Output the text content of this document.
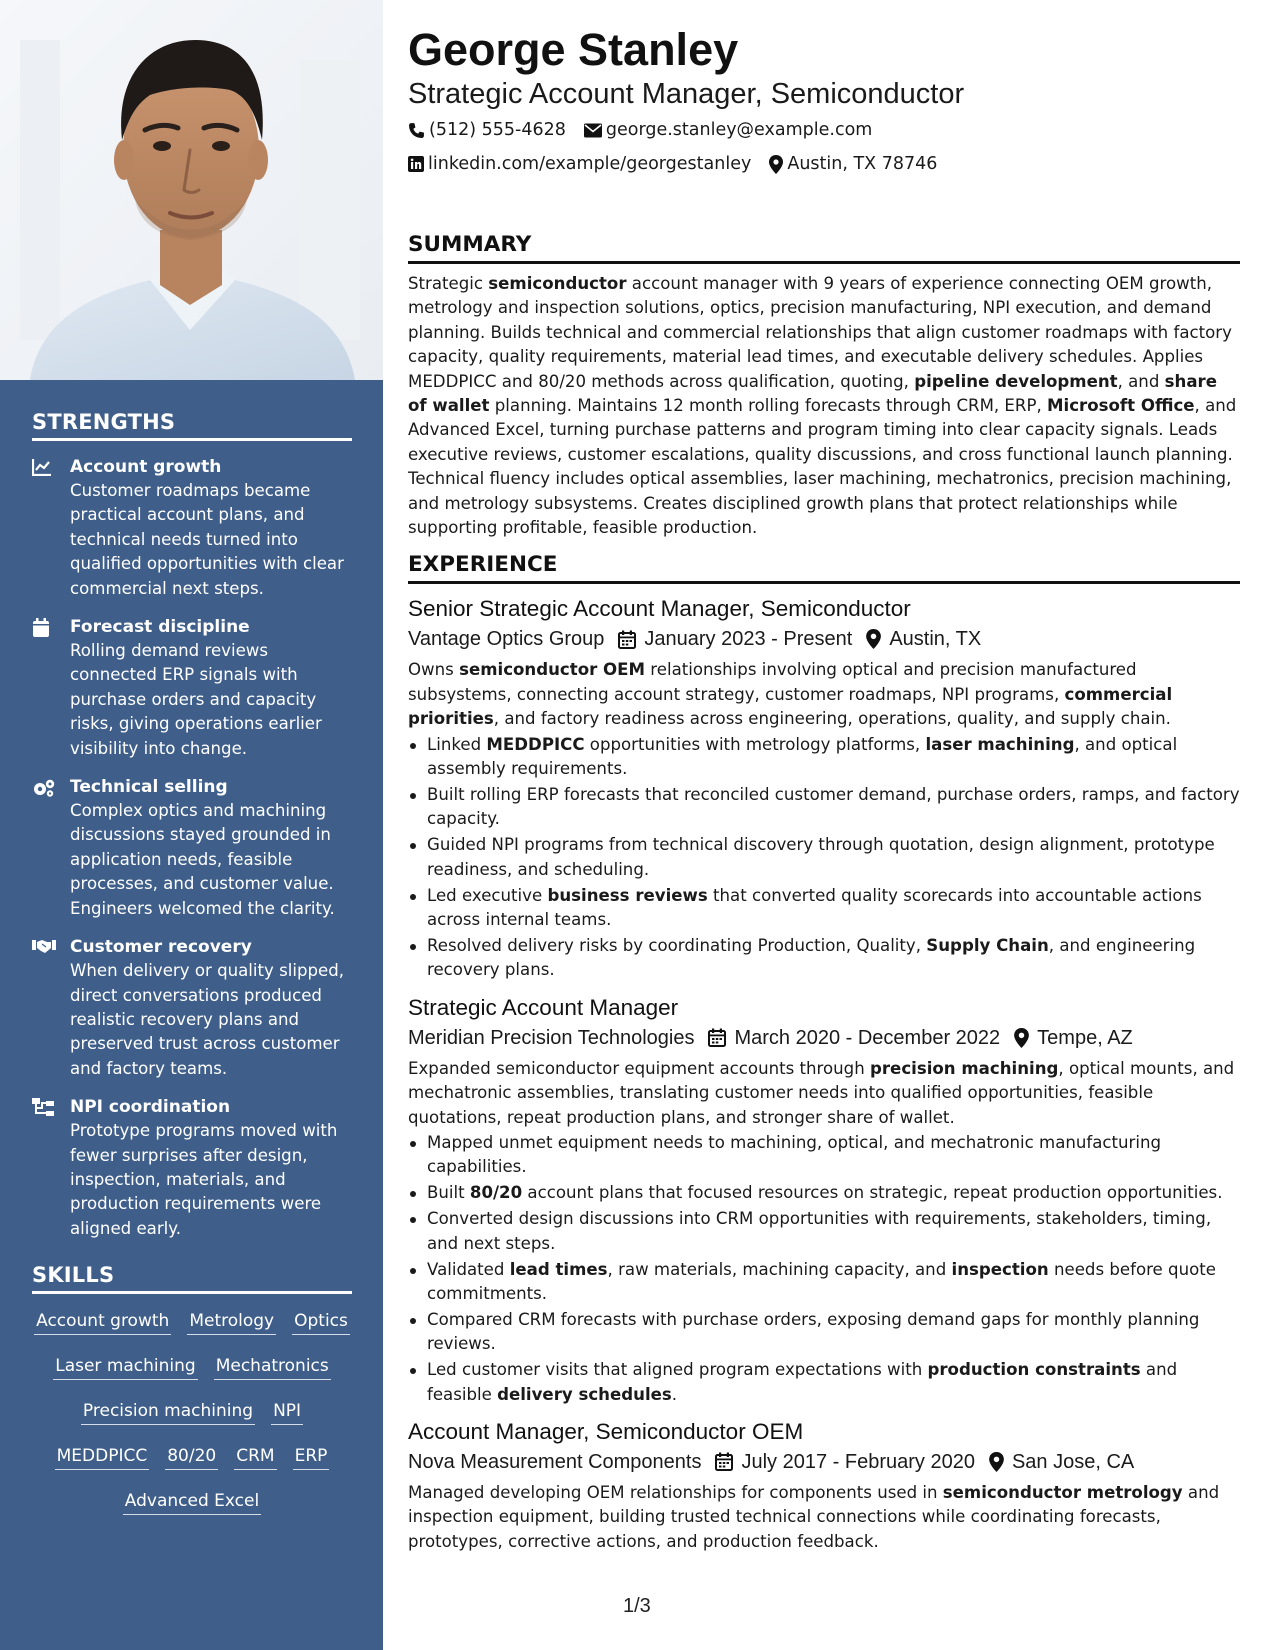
STRENGTHS
Account growth
Customer roadmaps became practical account plans, and technical needs turned into qualified opportunities with clear commercial next steps.
Forecast discipline
Rolling demand reviews connected ERP signals with purchase orders and capacity risks, giving operations earlier visibility into change.
Technical selling
Complex optics and machining discussions stayed grounded in application needs, feasible processes, and customer value. Engineers welcomed the clarity.
Customer recovery
When delivery or quality slipped, direct conversations produced realistic recovery plans and preserved trust across customer and factory teams.
NPI coordination
Prototype programs moved with fewer surprises after design, inspection, materials, and production requirements were aligned early.
SKILLS
Account growth Metrology Optics
Laser machining Mechatronics
Precision machining NPI
MEDDPICC 80/20 CRM ERP
Advanced Excel
George Stanley
Strategic Account Manager, Semiconductor
(512) 555-4628 george.stanley@example.com
linkedin.com/example/georgestanley Austin, TX 78746
SUMMARY

Strategic semiconductor account manager with 9 years of experience connecting OEM growth, metrology and inspection solutions, optics, precision manufacturing, NPI execution, and demand planning. Builds technical and commercial relationships that align customer roadmaps with factory capacity, quality requirements, material lead times, and executable delivery schedules. Applies MEDDPICC and 80/20 methods across qualification, quoting, pipeline development, and share of wallet planning. Maintains 12 month rolling forecasts through CRM, ERP, Microsoft Office, and Advanced Excel, turning purchase patterns and program timing into clear capacity signals. Leads executive reviews, customer escalations, quality discussions, and cross functional launch planning. Technical fluency includes optical assemblies, laser machining, mechatronics, precision machining, and metrology subsystems. Creates disciplined growth plans that protect relationships while supporting profitable, feasible production.

EXPERIENCE
Senior Strategic Account Manager, Semiconductor
Vantage Optics Group January 2023 - Present Austin, TX

Owns semiconductor OEM relationships involving optical and precision manufactured subsystems, connecting account strategy, customer roadmaps, NPI programs, commercial priorities, and factory readiness across engineering, operations, quality, and supply chain.

Linked MEDDPICC opportunities with metrology platforms, laser machining, and optical assembly requirements.
Built rolling ERP forecasts that reconciled customer demand, purchase orders, ramps, and factory capacity.
Guided NPI programs from technical discovery through quotation, design alignment, prototype readiness, and scheduling.
Led executive business reviews that converted quality scorecards into accountable actions across internal teams.
Resolved delivery risks by coordinating Production, Quality, Supply Chain, and engineering recovery plans.
Strategic Account Manager
Meridian Precision Technologies March 2020 - December 2022 Tempe, AZ

Expanded semiconductor equipment accounts through precision machining, optical mounts, and mechatronic assemblies, translating customer needs into qualified opportunities, feasible quotations, repeat production plans, and stronger share of wallet.

Mapped unmet equipment needs to machining, optical, and mechatronic manufacturing capabilities.
Built 80/20 account plans that focused resources on strategic, repeat production opportunities.
Converted design discussions into CRM opportunities with requirements, stakeholders, timing, and next steps.
Validated lead times, raw materials, machining capacity, and inspection needs before quote commitments.
Compared CRM forecasts with purchase orders, exposing demand gaps for monthly planning reviews.
Led customer visits that aligned program expectations with production constraints and feasible delivery schedules.
Account Manager, Semiconductor OEM
Nova Measurement Components July 2017 - February 2020 San Jose, CA

Managed developing OEM relationships for components used in semiconductor metrology and inspection equipment, building trusted technical connections while coordinating forecasts, prototypes, corrective actions, and production feedback.

1/3
